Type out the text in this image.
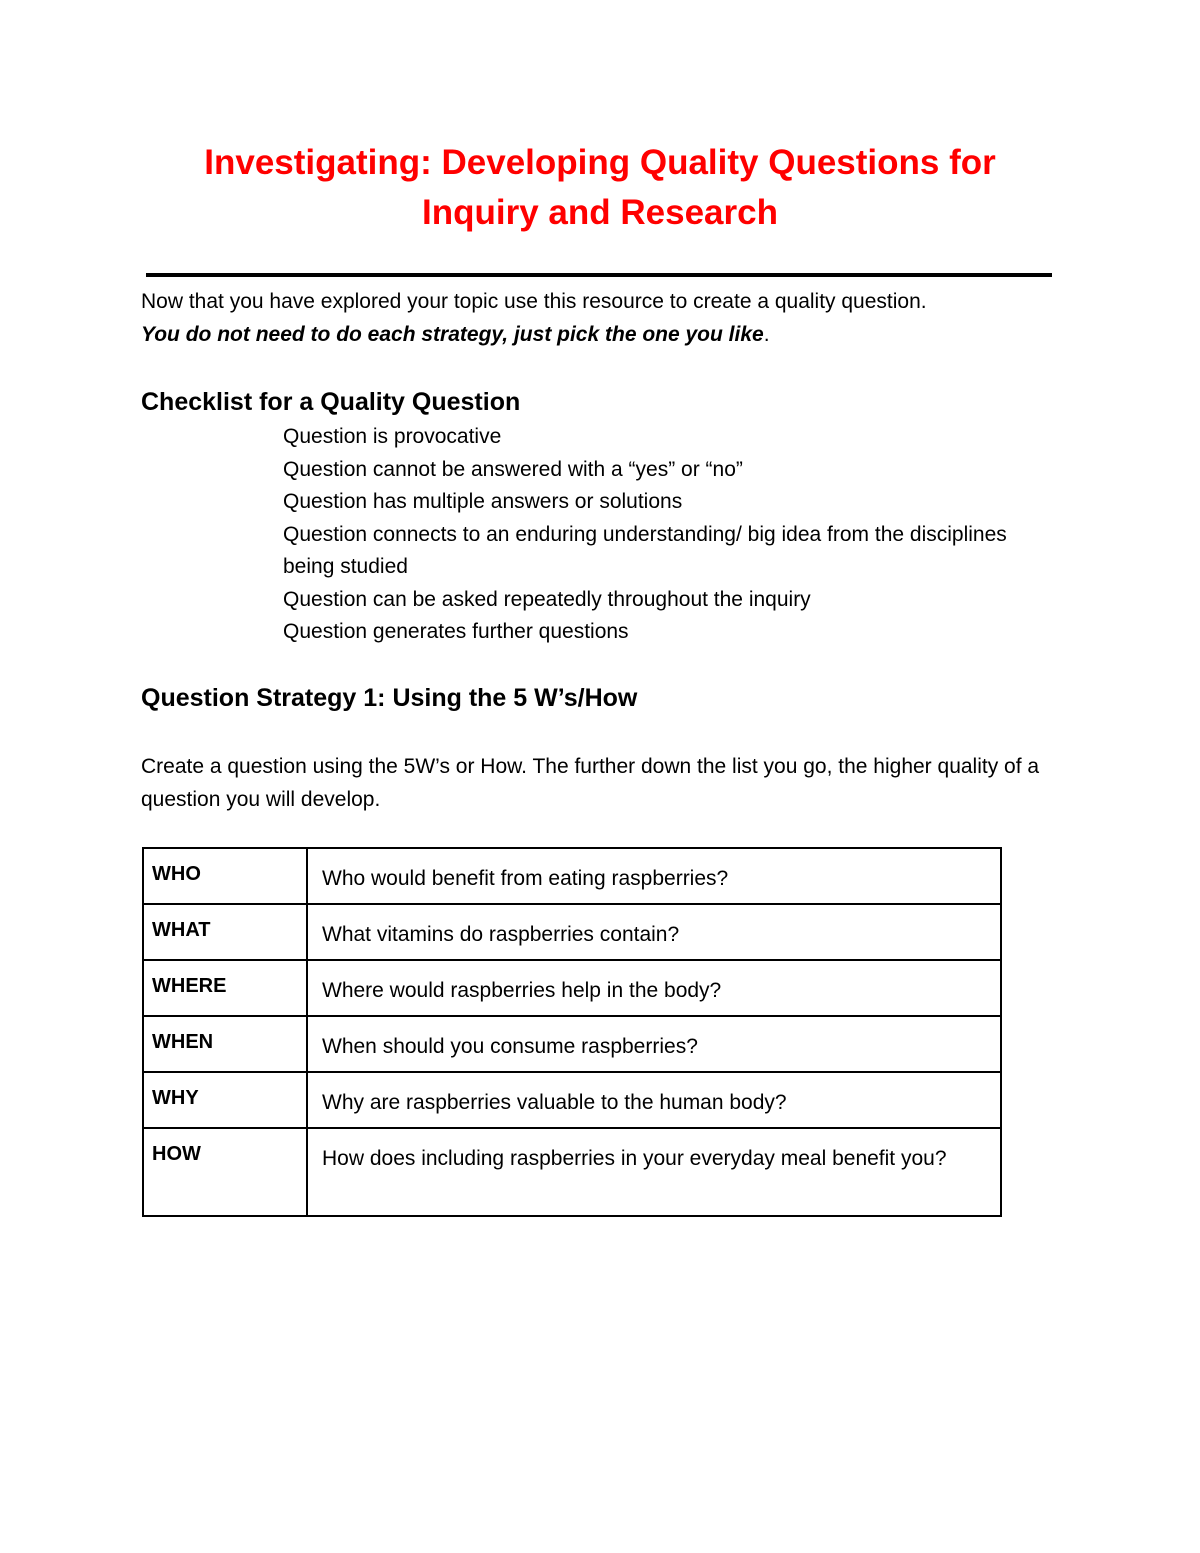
Investigating: Developing Quality Questions for
Inquiry and Research

Now that you have explored your topic use this resource to create a quality question.
You do not need to do each strategy, just pick the one you like.

Checklist for a Quality Question
Question is provocative
Question cannot be answered with a “yes” or “no”
Question has multiple answers or solutions
Question connects to an enduring understanding/ big idea from the disciplines being studied
Question can be asked repeatedly throughout the inquiry
Question generates further questions
Question Strategy 1: Using the 5 W’s/How

Create a question using the 5W’s or How. The further down the list you go, the higher quality of a question you will develop.

WHO	Who would benefit from eating raspberries?
WHAT	What vitamins do raspberries contain?
WHERE	Where would raspberries help in the body?
WHEN	When should you consume raspberries?
WHY	Why are raspberries valuable to the human body?
HOW	How does including raspberries in your everyday meal benefit you?
